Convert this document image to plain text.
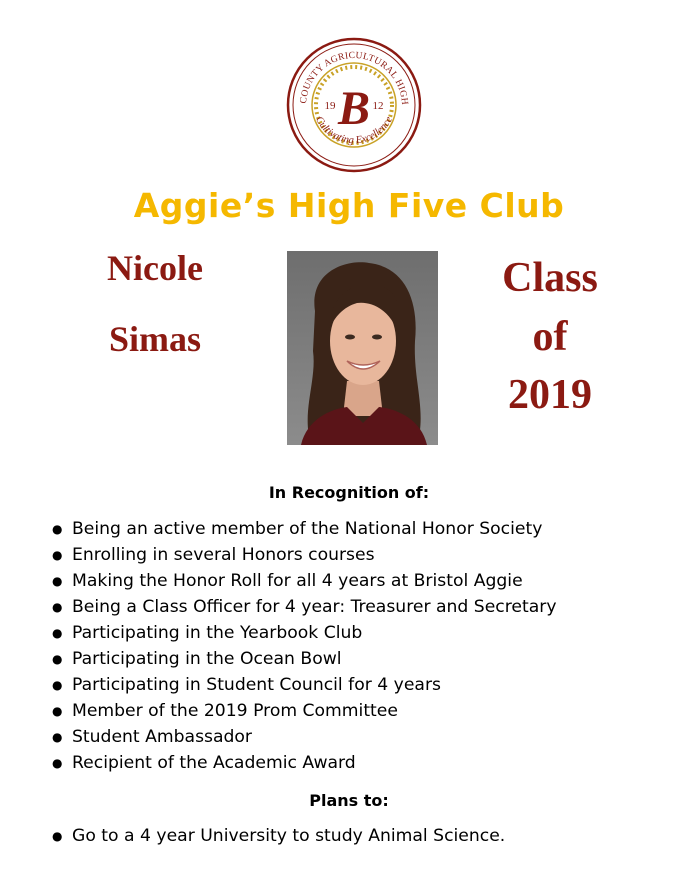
COUNTY AGRICULTURAL HIGH
Cultivating Excellence
19	12
B
Aggie’s High Five Club
Nicole
Simas
Class
of
2019
In Recognition of:
● Being an active member of the National Honor Society
● Enrolling in several Honors courses
● Making the Honor Roll for all 4 years at Bristol Aggie
● Being a Class Officer for 4 year: Treasurer and Secretary
● Participating in the Yearbook Club
● Participating in the Ocean Bowl
● Participating in Student Council for 4 years
● Member of the 2019 Prom Committee
● Student Ambassador
● Recipient of the Academic Award
Plans to:
● Go to a 4 year University to study Animal Science.
